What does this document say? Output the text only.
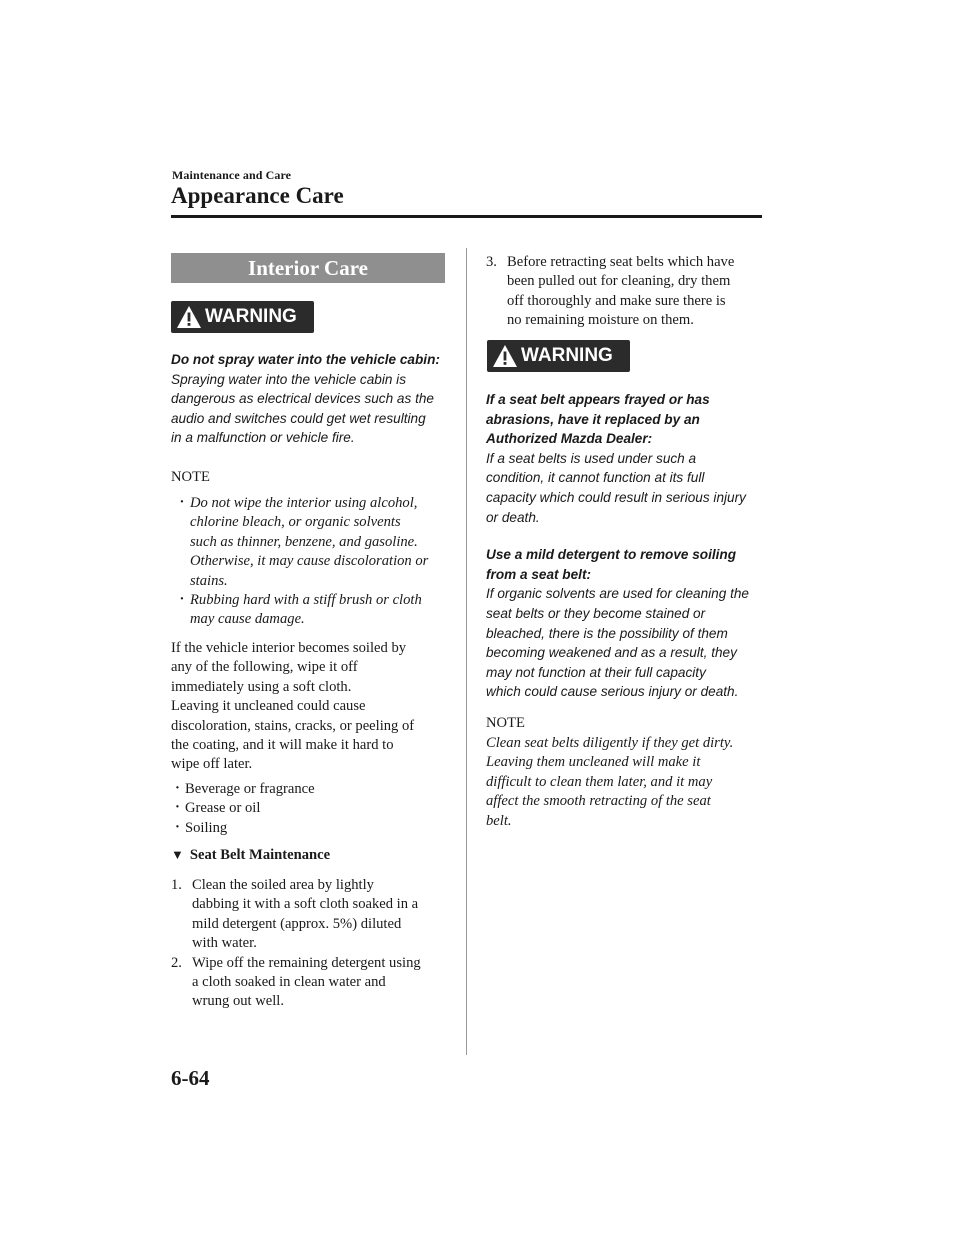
Maintenance and Care
Appearance Care
Interior Care
WARNING
Do not spray water into the vehicle cabin:
Spraying water into the vehicle cabin is
dangerous as electrical devices such as the
audio and switches could get wet resulting
in a malfunction or vehicle fire.
NOTE
· Do not wipe the interior using alcohol,
chlorine bleach, or organic solvents
such as thinner, benzene, and gasoline.
Otherwise, it may cause discoloration or
stains.
· Rubbing hard with a stiff brush or cloth
may cause damage.
If the vehicle interior becomes soiled by
any of the following, wipe it off
immediately using a soft cloth.
Leaving it uncleaned could cause
discoloration, stains, cracks, or peeling of
the coating, and it will make it hard to
wipe off later.
· Beverage or fragrance
· Grease or oil
· Soiling
▼ Seat Belt Maintenance
1. Clean the soiled area by lightly
dabbing it with a soft cloth soaked in a
mild detergent (approx. 5%) diluted
with water.
2. Wipe off the remaining detergent using
a cloth soaked in clean water and
wrung out well.
3. Before retracting seat belts which have
been pulled out for cleaning, dry them
off thoroughly and make sure there is
no remaining moisture on them.
WARNING
If a seat belt appears frayed or has
abrasions, have it replaced by an
Authorized Mazda Dealer:
If a seat belts is used under such a
condition, it cannot function at its full
capacity which could result in serious injury
or death.
Use a mild detergent to remove soiling
from a seat belt:
If organic solvents are used for cleaning the
seat belts or they become stained or
bleached, there is the possibility of them
becoming weakened and as a result, they
may not function at their full capacity
which could cause serious injury or death.
NOTE
Clean seat belts diligently if they get dirty.
Leaving them uncleaned will make it
difficult to clean them later, and it may
affect the smooth retracting of the seat
belt.
6-64
